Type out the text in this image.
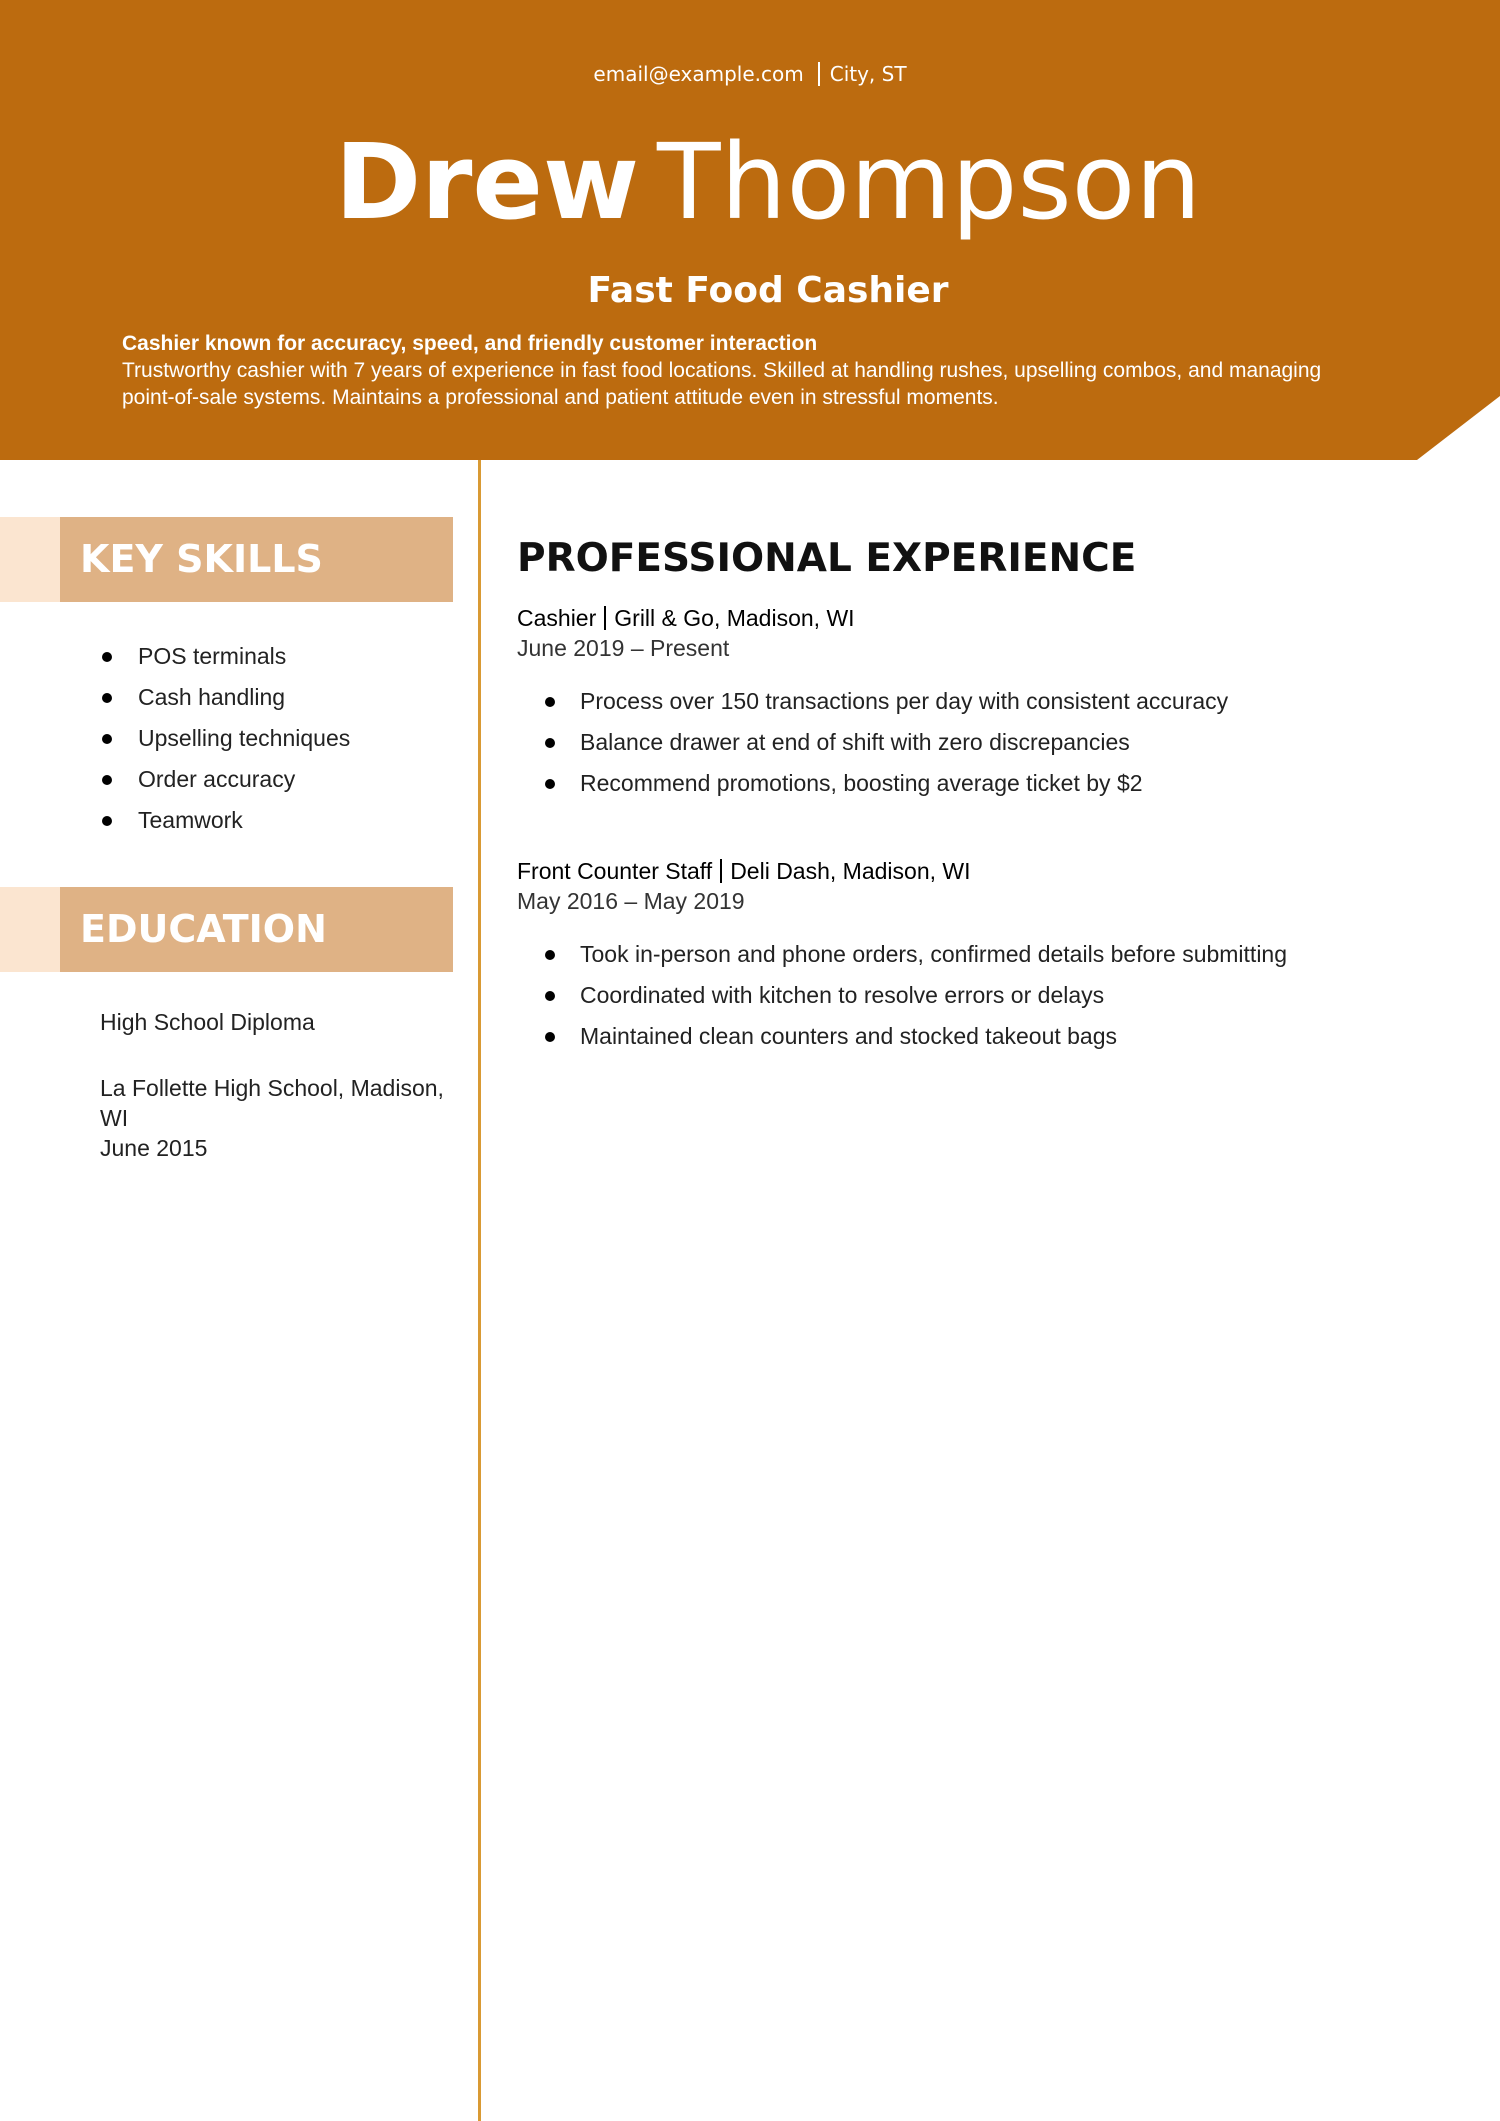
email@example.com City, ST
Drew Thompson
Fast Food Cashier
Cashier known for accuracy, speed, and friendly customer interaction
Trustworthy cashier with 7 years of experience in fast food locations. Skilled at handling rushes, upselling combos, and managing
point-of-sale systems. Maintains a professional and patient attitude even in stressful moments.
KEY SKILLS
POS terminals
Cash handling
Upselling techniques
Order accuracy
Teamwork
EDUCATION
High School Diploma
La Follette High School, Madison,
WI
June 2015
PROFESSIONAL EXPERIENCE
Cashier Grill & Go, Madison, WI
June 2019 – Present
Process over 150 transactions per day with consistent accuracy
Balance drawer at end of shift with zero discrepancies
Recommend promotions, boosting average ticket by $2
Front Counter Staff Deli Dash, Madison, WI
May 2016 – May 2019
Took in-person and phone orders, confirmed details before submitting
Coordinated with kitchen to resolve errors or delays
Maintained clean counters and stocked takeout bags
